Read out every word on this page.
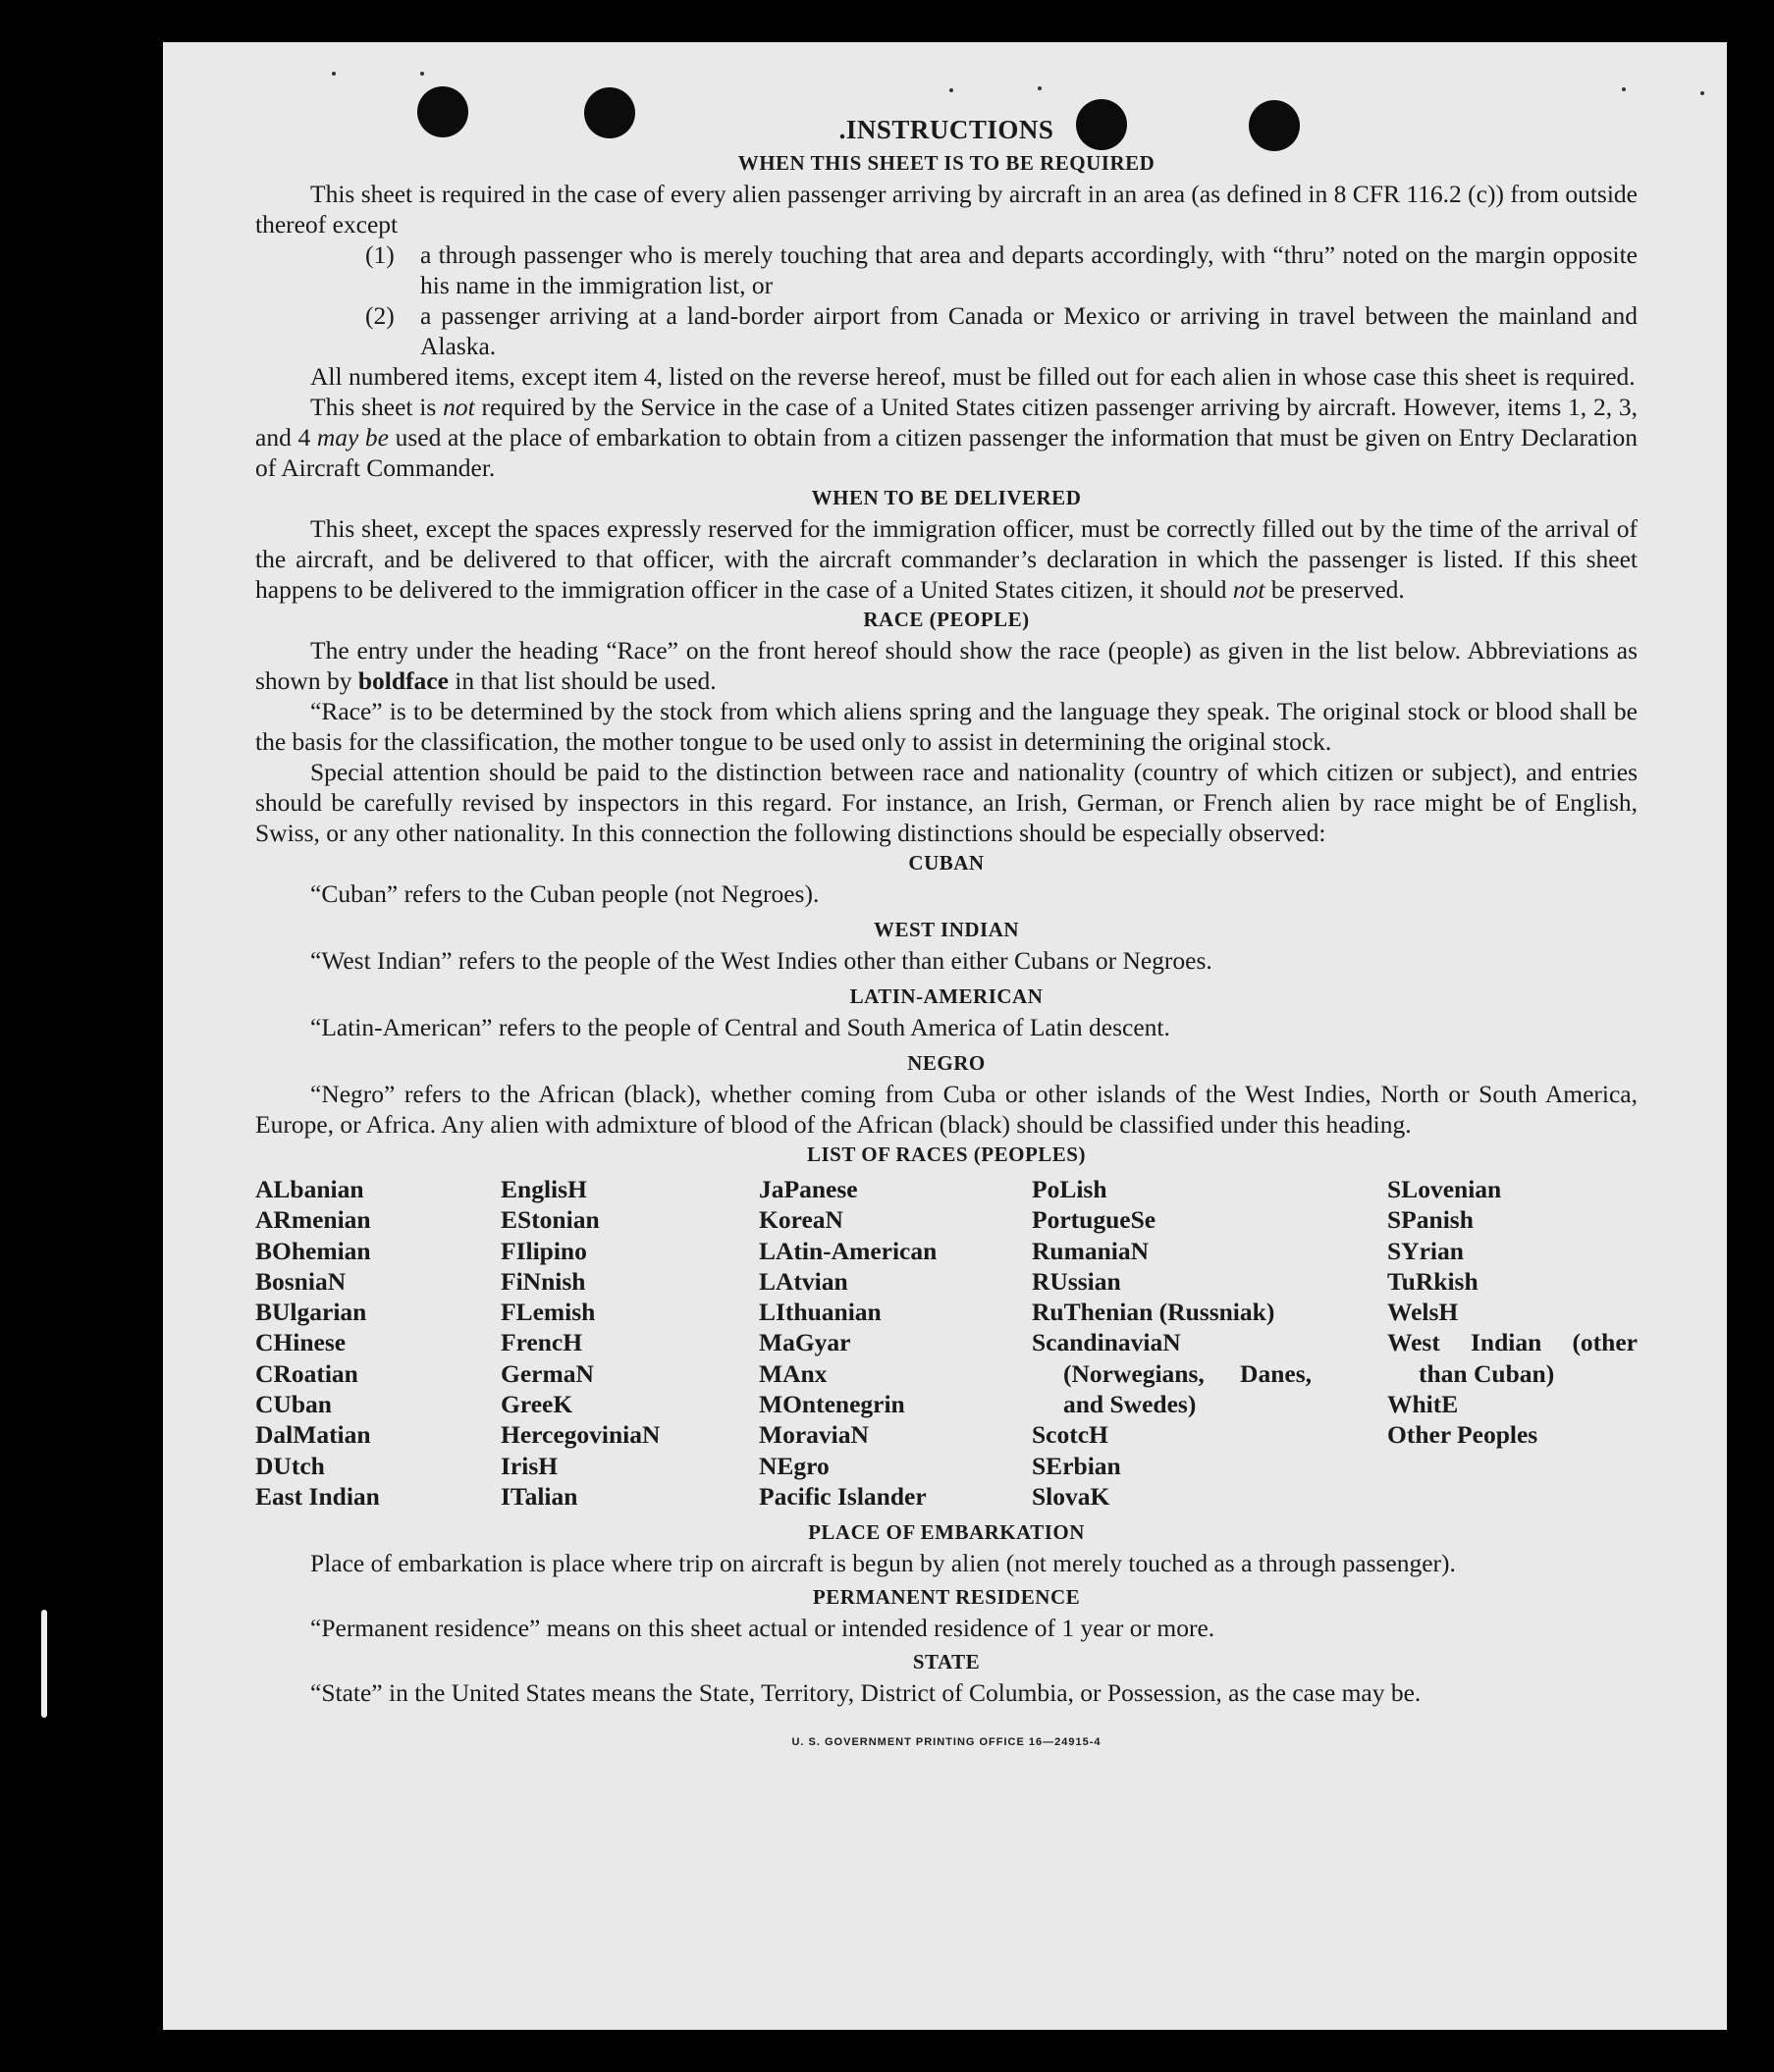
.INSTRUCTIONS
WHEN THIS SHEET IS TO BE REQUIRED

This sheet is required in the case of every alien passenger arriving by aircraft in an area (as defined in 8 CFR 116.2 (c)) from outside thereof except

(1)	a through passenger who is merely touching that area and departs accordingly, with “thru” noted on the margin opposite his name in the immigration list, or
(2)	a passenger arriving at a land-border airport from Canada or Mexico or arriving in travel between the mainland and Alaska.

All numbered items, except item 4, listed on the reverse hereof, must be filled out for each alien in whose case this sheet is required.

This sheet is not required by the Service in the case of a United States citizen passenger arriving by aircraft. However, items 1, 2, 3, and 4 may be used at the place of embarkation to obtain from a citizen passenger the information that must be given on Entry Declaration of Aircraft Commander.

WHEN TO BE DELIVERED

This sheet, except the spaces expressly reserved for the immigration officer, must be correctly filled out by the time of the arrival of the aircraft, and be delivered to that officer, with the aircraft commander’s declaration in which the passenger is listed. If this sheet happens to be delivered to the immigration officer in the case of a United States citizen, it should not be preserved.

RACE (PEOPLE)

The entry under the heading “Race” on the front hereof should show the race (people) as given in the list below. Abbreviations as shown by boldface in that list should be used.

“Race” is to be determined by the stock from which aliens spring and the language they speak. The original stock or blood shall be the basis for the classification, the mother tongue to be used only to assist in determining the original stock.

Special attention should be paid to the distinction between race and nationality (country of which citizen or subject), and entries should be carefully revised by inspectors in this regard. For instance, an Irish, German, or French alien by race might be of English, Swiss, or any other nationality. In this connection the following distinctions should be especially observed:

CUBAN

“Cuban” refers to the Cuban people (not Negroes).

WEST INDIAN

“West Indian” refers to the people of the West Indies other than either Cubans or Negroes.

LATIN-AMERICAN

“Latin-American” refers to the people of Central and South America of Latin descent.

NEGRO

“Negro” refers to the African (black), whether coming from Cuba or other islands of the West Indies, North or South America, Europe, or Africa. Any alien with admixture of blood of the African (black) should be classified under this heading.

LIST OF RACES (PEOPLES)
ALbanian
ARmenian
BOhemian
BosniaN
BUlgarian
CHinese
CRoatian
CUban
DalMatian
DUtch
East Indian
EnglisH
EStonian
FIlipino
FiNnish
FLemish
FrencH
GermaN
GreeK
HercegoviniaN
IrisH
ITalian
JaPanese
KoreaN
LAtin-American
LAtvian
LIthuanian
MaGyar
MAnx
MOntenegrin
MoraviaN
NEgro
Pacific Islander
PoLish
PortugueSe
RumaniaN
RUssian
RuThenian (Russniak)
ScandinaviaN (Norwegians, Danes, and Swedes)
ScotcH
SErbian
SlovaK
SLovenian
SPanish
SYrian
TuRkish
WelsH
West Indian (other than Cuban)
WhitE
Other Peoples
PLACE OF EMBARKATION

Place of embarkation is place where trip on aircraft is begun by alien (not merely touched as a through passenger).

PERMANENT RESIDENCE

“Permanent residence” means on this sheet actual or intended residence of 1 year or more.

STATE

“State” in the United States means the State, Territory, District of Columbia, or Possession, as the case may be.

U. S. GOVERNMENT PRINTING OFFICE 16—24915-4
